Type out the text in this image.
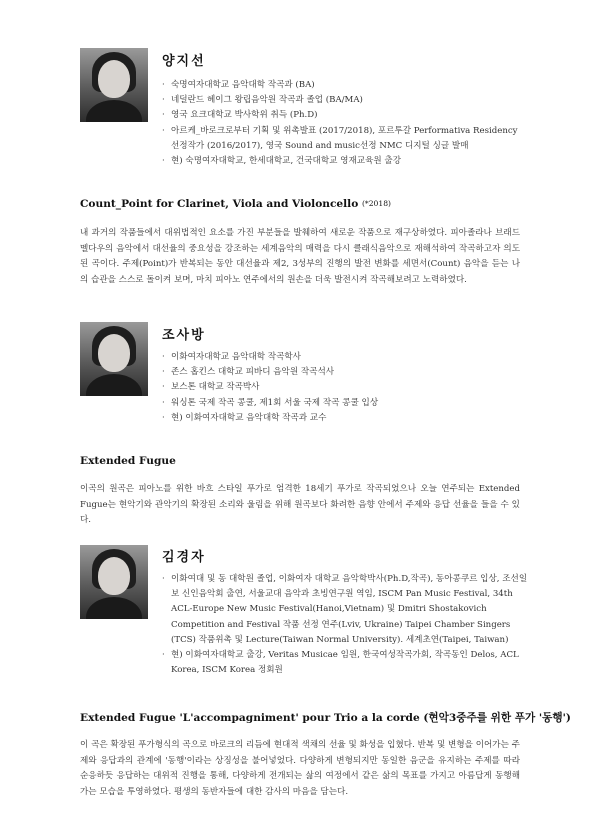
양지선
· 숙명여자대학교 음악대학 작곡과 (BA)
· 네덜란드 헤이그 왕립음악원 작곡과 졸업 (BA/MA)
· 영국 요크대학교 박사학위 취득 (Ph.D)
· 아르케_바로크로부터 기획 및 위촉발표 (2017/2018), 포르투갈 Performativa Residency 선정작가 (2016/2017), 영국 Sound and music선정 NMC 디지털 싱글 발매
· 현) 숙명여자대학교, 한세대학교, 건국대학교 영재교육원 출강
Count_Point for Clarinet, Viola and Violoncello (*2018)

내 과거의 작품들에서 대위법적인 요소를 가진 부분들을 발췌하여 새로운 작품으로 재구상하였다. 피아졸라나 브래드 멜다우의 음악에서 대선율의 중요성을 강조하는 세계음악의 매력을 다시 클래식음악으로 재해석하여 작곡하고자 의도된 곡이다. 주제(Point)가 반복되는 동안 대선율과 제2, 3성부의 진행의 발전 변화를 세면서(Count) 음악을 듣는 나의 습관을 스스로 돌이켜 보며, 마치 피아노 연주에서의 원손을 더욱 발전시켜 작곡해보려고 노력하였다.

조사방
· 이화여자대학교 음악대학 작곡학사
· 존스 홉킨스 대학교 피바디 음악원 작곡석사
· 보스톤 대학교 작곡박사
· 워싱톤 국제 작곡 콩쿨, 제1회 서울 국제 작곡 콩쿨 입상
· 현) 이화여자대학교 음악대학 작곡과 교수
Extended Fugue

이곡의 원곡은 피아노를 위한 바흐 스타일 푸가로 엄격한 18세기 푸가로 작곡되었으나 오늘 연주되는 Extended Fugue는 현악기와 관악기의 확장된 소리와 울림을 위해 원곡보다 화려한 음향 안에서 주제와 응답 선율을 들을 수 있다.

김경자
· 이화여대 및 동 대학원 졸업, 이화여자 대학교 음악학박사(Ph.D,작곡), 동아콩쿠르 입상, 조선일보 신인음악회 출연, 서울교대 음악과 초빙연구원 역임, ISCM Pan Music Festival, 34th ACL-Europe New Music Festival(Hanoi,Vietnam) 및 Dmitri Shostakovich Competition and Festival 작품 선정 연주(Lviv, Ukraine) Taipei Chamber Singers (TCS) 작품위촉 및 Lecture(Taiwan Normal University). 세계초연(Taipei, Taiwan)
· 현) 이화여자대학교 출강, Veritas Musicae 임원, 한국여성작곡가회, 작곡동인 Delos, ACL Korea, ISCM Korea 정회원
Extended Fugue 'L'accompagniment' pour Trio a la corde (현악3중주를 위한 푸가 '동행')

이 곡은 확장된 푸가형식의 곡으로 바로크의 리듬에 현대적 색채의 선율 및 화성을 입혔다. 반복 및 변형을 이어가는 주제와 응답과의 관계에 '동행'이라는 상징성을 불어넣었다. 다양하게 변형되지만 동일한 음군을 유지하는 주제를 따라 순응하듯 응답하는 대위적 진행을 통해, 다양하게 전개되는 삶의 여정에서 같은 삶의 목표를 가지고 아름답게 동행해 가는 모습을 투영하였다. 평생의 동반자들에 대한 감사의 마음을 담는다.
